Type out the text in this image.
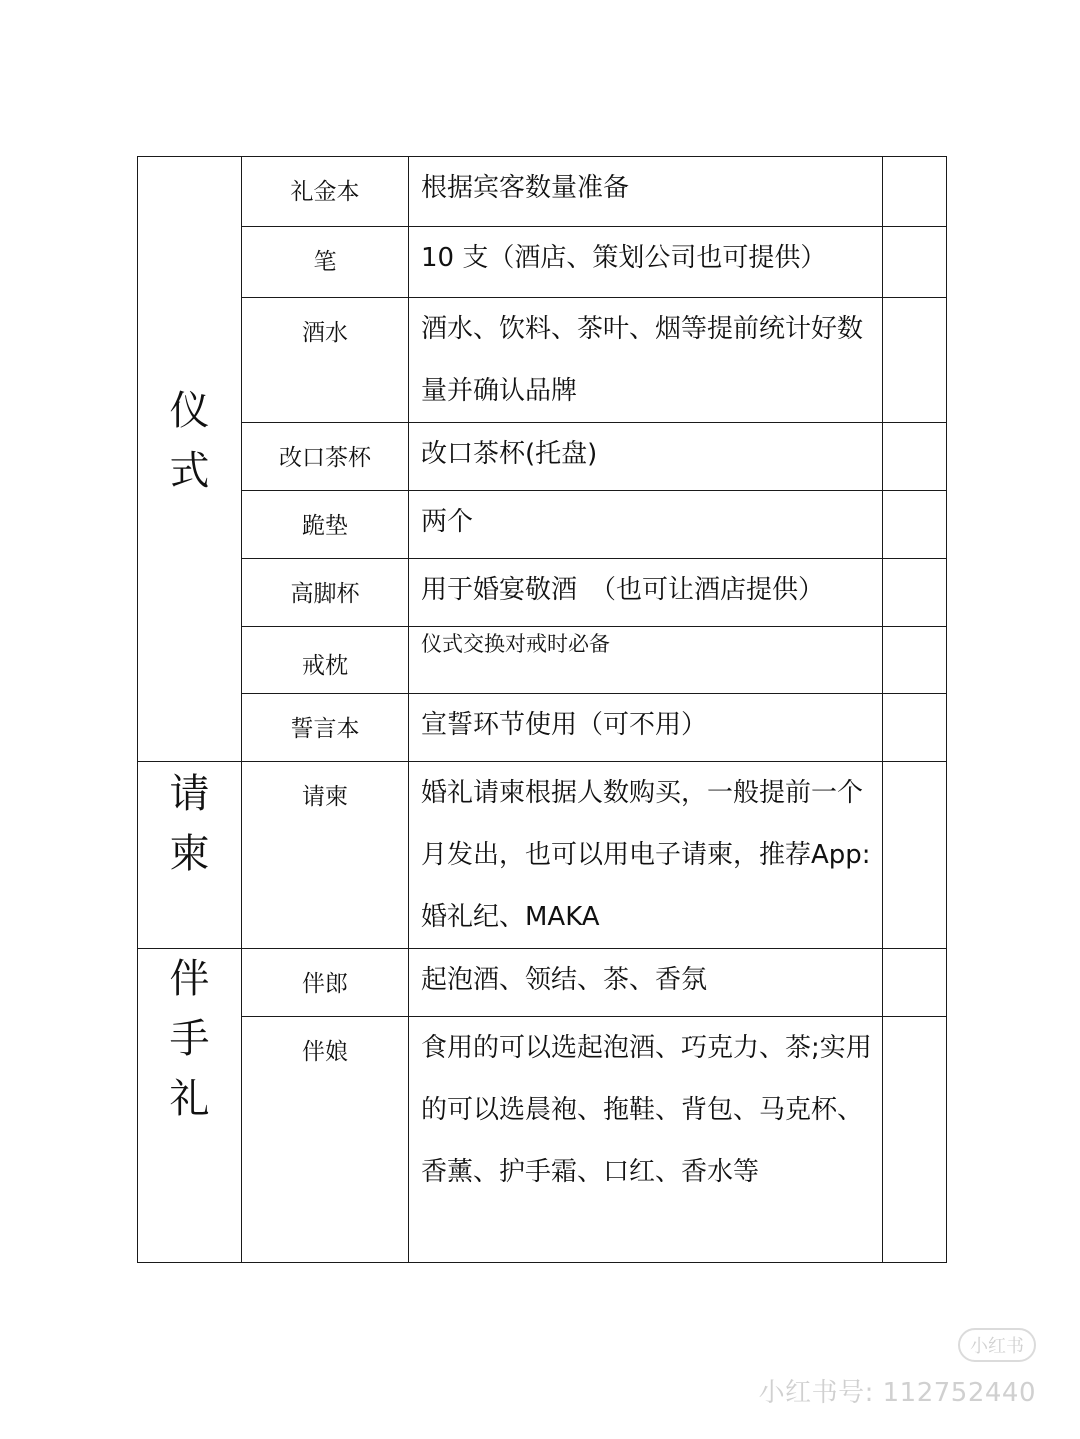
仪式	礼金本	根据宾客数量准备	
	笔	10 支（酒店、策划公司也可提供）	
	酒水	酒水、饮料、茶叶、烟等提前统计好数量并确认品牌	
	改口茶杯	改口茶杯(托盘)	
	跪垫	两个	
	高脚杯	用于婚宴敬酒　（也可让酒店提供）	
	戒枕	仪式交换对戒时必备	
	誓言本	宣誓环节使用（可不用）	

请柬	请柬	婚礼请柬根据人数购买，一般提前一个月发出，也可以用电子请柬，推荐App:婚礼纪、MAKA	

伴手礼	伴郎	起泡酒、领结、茶、香氛	
	伴娘	食用的可以选起泡酒、巧克力、茶;实用的可以选晨袍、拖鞋、背包、马克杯、 香薰、护手霜、口红、香水等	
小红书
小红书号: 112752440
